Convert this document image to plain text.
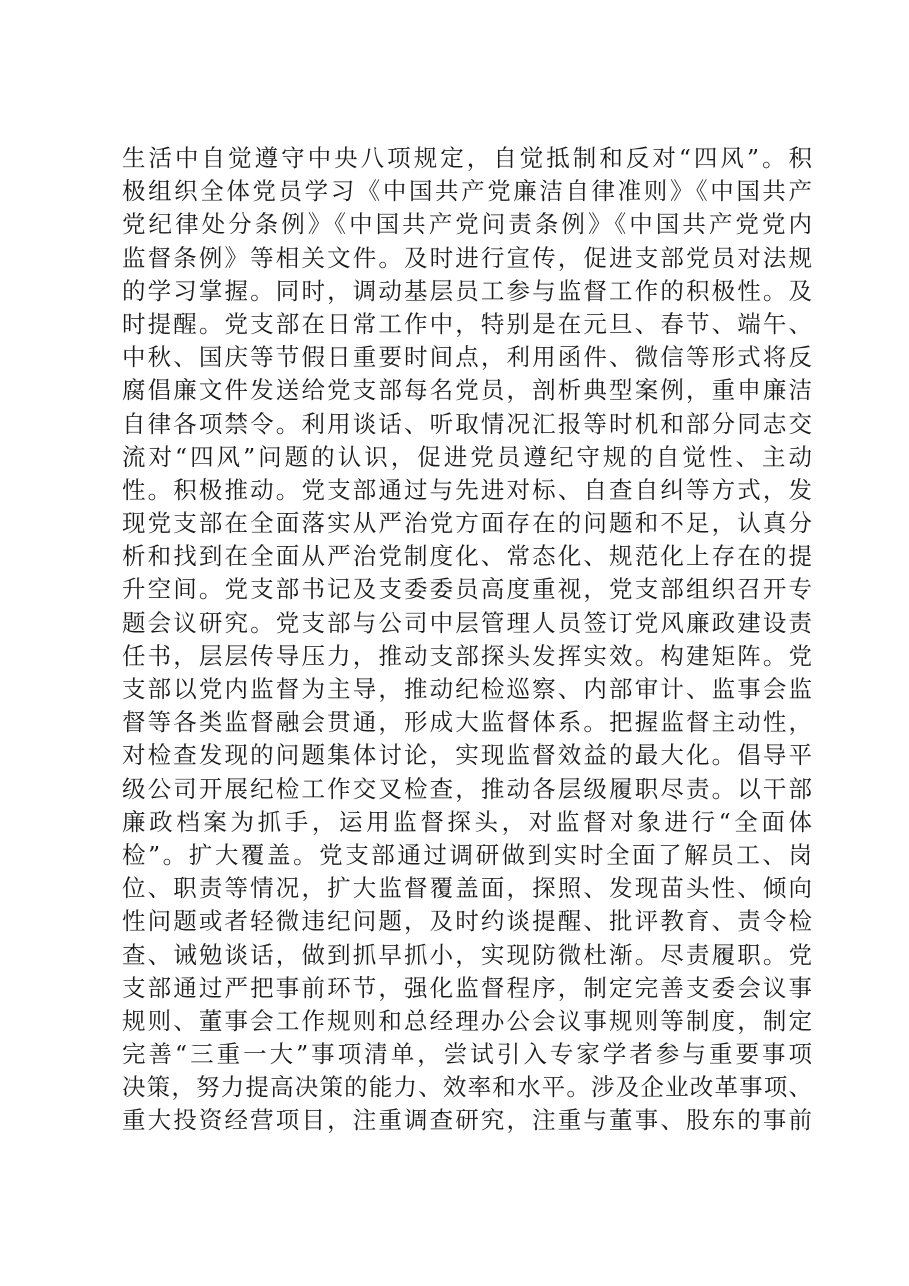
生活中自觉遵守中央八项规定，自觉抵制和反对“四风”。积
极组织全体党员学习《中国共产党廉洁自律准则》《中国共产
党纪律处分条例》《中国共产党问责条例》《中国共产党党内
监督条例》等相关文件。及时进行宣传，促进支部党员对法规
的学习掌握。同时，调动基层员工参与监督工作的积极性。及
时提醒。党支部在日常工作中，特别是在元旦、春节、端午、
中秋、国庆等节假日重要时间点，利用函件、微信等形式将反
腐倡廉文件发送给党支部每名党员，剖析典型案例，重申廉洁
自律各项禁令。利用谈话、听取情况汇报等时机和部分同志交
流对“四风”问题的认识，促进党员遵纪守规的自觉性、主动
性。积极推动。党支部通过与先进对标、自查自纠等方式，发
现党支部在全面落实从严治党方面存在的问题和不足，认真分
析和找到在全面从严治党制度化、常态化、规范化上存在的提
升空间。党支部书记及支委委员高度重视，党支部组织召开专
题会议研究。党支部与公司中层管理人员签订党风廉政建设责
任书，层层传导压力，推动支部探头发挥实效。构建矩阵。党
支部以党内监督为主导，推动纪检巡察、内部审计、监事会监
督等各类监督融会贯通，形成大监督体系。把握监督主动性，
对检查发现的问题集体讨论，实现监督效益的最大化。倡导平
级公司开展纪检工作交叉检查，推动各层级履职尽责。以干部
廉政档案为抓手，运用监督探头，对监督对象进行“全面体
检”。扩大覆盖。党支部通过调研做到实时全面了解员工、岗
位、职责等情况，扩大监督覆盖面，探照、发现苗头性、倾向
性问题或者轻微违纪问题，及时约谈提醒、批评教育、责令检
查、诫勉谈话，做到抓早抓小，实现防微杜渐。尽责履职。党
支部通过严把事前环节，强化监督程序，制定完善支委会议事
规则、董事会工作规则和总经理办公会议事规则等制度，制定
完善“三重一大”事项清单，尝试引入专家学者参与重要事项
决策，努力提高决策的能力、效率和水平。涉及企业改革事项、
重大投资经营项目，注重调查研究，注重与董事、股东的事前
